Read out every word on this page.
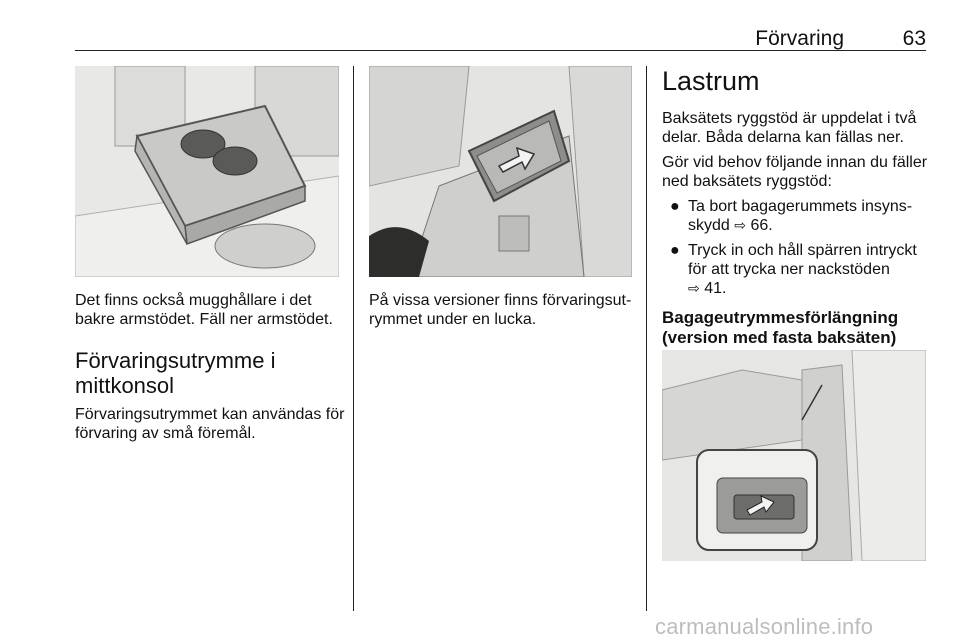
Förvaring	63

Det finns också mugghållare i det bakre armstödet. Fäll ner armstödet.

Förvaringsutrymme i
mittkonsol

Förvaringsutrymmet kan användas för förvaring av små föremål.

På vissa versioner finns förvaringsut-
rymmet under en lucka.

Lastrum

Baksätets ryggstöd är uppdelat i två delar. Båda delarna kan fällas ner.

Gör vid behov följande innan du fäller ned baksätets ryggstöd:

● Ta bort bagagerummets insyns- skydd ⇨ 66.
● Tryck in och håll spärren intryckt för att trycka ner nackstöden
⇨ 41.
Bagageutrymmesförlängning
(version med fasta baksäten)
carmanualsonline.info
